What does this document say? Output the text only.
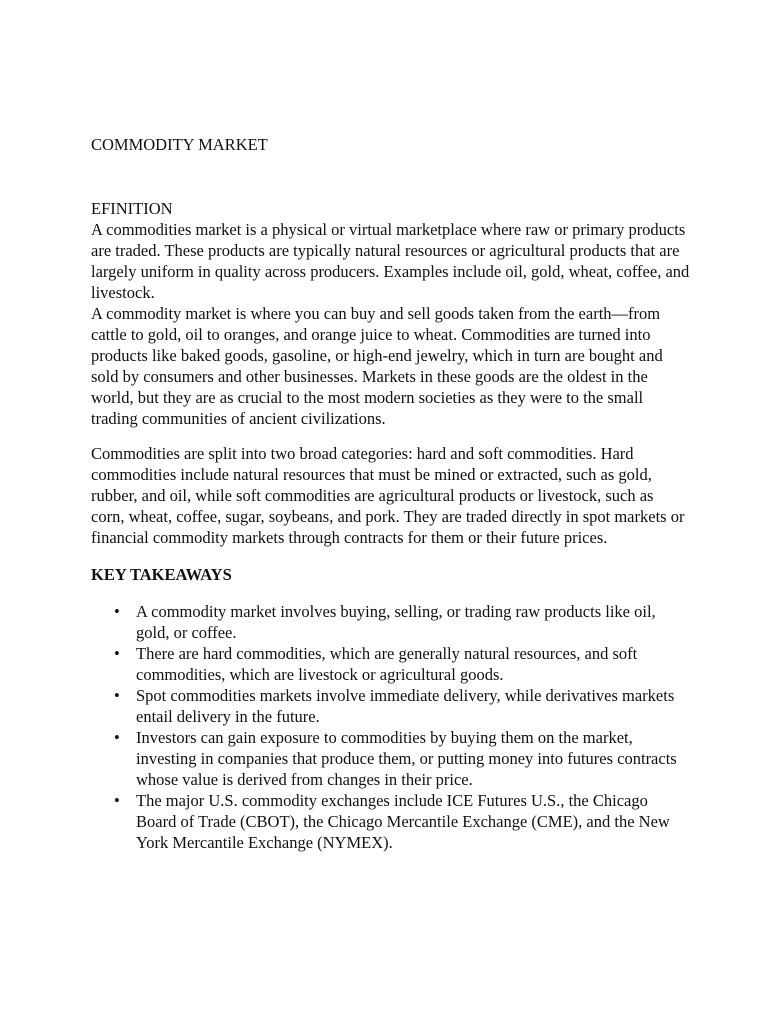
COMMODITY MARKET

EFINITION
A commodities market is a physical or virtual marketplace where raw or primary products are traded. These products are typically natural resources or agricultural products that are largely uniform in quality across producers. Examples include oil, gold, wheat, coffee, and livestock.
A commodity market is where you can buy and sell goods taken from the earth—from cattle to gold, oil to oranges, and orange juice to wheat. Commodities are turned into products like baked goods, gasoline, or high-end jewelry, which in turn are bought and sold by consumers and other businesses. Markets in these goods are the oldest in the world, but they are as crucial to the most modern societies as they were to the small trading communities of ancient civilizations.

Commodities are split into two broad categories: hard and soft commodities. Hard commodities include natural resources that must be mined or extracted, such as gold, rubber, and oil, while soft commodities are agricultural products or livestock, such as corn, wheat, coffee, sugar, soybeans, and pork. They are traded directly in spot markets or financial commodity markets through contracts for them or their future prices.

KEY TAKEAWAYS
• A commodity market involves buying, selling, or trading raw products like oil, gold, or coffee.
• There are hard commodities, which are generally natural resources, and soft commodities, which are livestock or agricultural goods.
• Spot commodities markets involve immediate delivery, while derivatives markets entail delivery in the future.
• Investors can gain exposure to commodities by buying them on the market, investing in companies that produce them, or putting money into futures contracts whose value is derived from changes in their price.
• The major U.S. commodity exchanges include ICE Futures U.S., the Chicago Board of Trade (CBOT), the Chicago Mercantile Exchange (CME), and the New York Mercantile Exchange (NYMEX).
